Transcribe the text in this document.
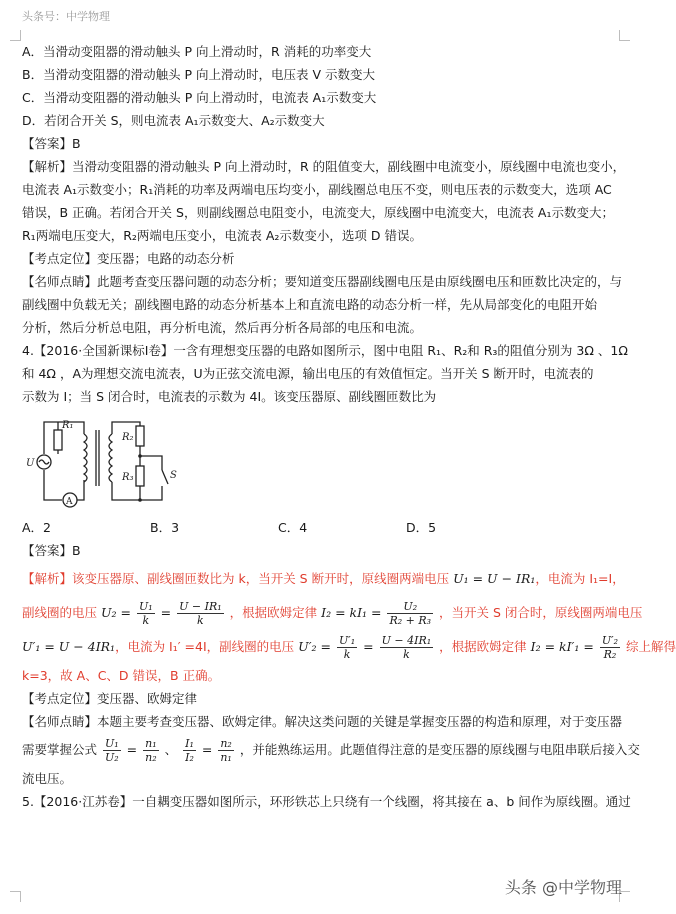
头条号：中学物理
A．当滑动变阻器的滑动触头 P 向上滑动时，R 消耗的功率变大
B．当滑动变阻器的滑动触头 P 向上滑动时，电压表 V 示数变大
C．当滑动变阻器的滑动触头 P 向上滑动时，电流表 A₁示数变大
D．若闭合开关 S，则电流表 A₁示数变大、A₂示数变大
【答案】B
【解析】当滑动变阻器的滑动触头 P 向上滑动时，R 的阻值变大，副线圈中电流变小，原线圈中电流也变小，
电流表 A₁示数变小；R₁消耗的功率及两端电压均变小，副线圈总电压不变，则电压表的示数变大，选项 AC
错误，B 正确。若闭合开关 S，则副线圈总电阻变小，电流变大，原线圈中电流变大，电流表 A₁示数变大；
R₁两端电压变大，R₂两端电压变小，电流表 A₂示数变小，选项 D 错误。
【考点定位】变压器；电路的动态分析
【名师点睛】此题考查变压器问题的动态分析；要知道变压器副线圈电压是由原线圈电压和匝数比决定的，与
副线圈中负载无关；副线圈电路的动态分析基本上和直流电路的动态分析一样，先从局部变化的电阻开始
分析，然后分析总电阻，再分析电流，然后再分析各局部的电压和电流。
4.【2016·全国新课标Ⅰ卷】一含有理想变压器的电路如图所示，图中电阻 R₁、R₂和 R₃的阻值分别为 3Ω 、1Ω
和 4Ω ，A为理想交流电流表，U为正弦交流电源，输出电压的有效值恒定。当开关 S 断开时，电流表的
示数为 I；当 S 闭合时，电流表的示数为 4I。该变压器原、副线圈匝数比为
R₁
R₂
R₃
U
S
A
A．2	B．3	C．4	D．5
【答案】B
【解析】该变压器原、副线圈匝数比为 k，当开关 S 断开时，原线圈两端电压 U₁ = U − IR₁，电流为 I₁=I，
副线圈的电压 $U_2 = \frac{\text{U₁}}{k} = \frac{\text{U − IR₁}}{k}$ ，根据欧姆定律 $I_2 = kI_1 = \frac{\text{U₂}}{\text{R₂ + R₃}}$ ，当开关 S 闭合时，原线圈两端电压
U′₁ = U − 4IR₁，电流为 I₁′ =4I，副线圈的电压 $U'_2 = \frac{\text{U′₁}}{k} = \frac{\text{U − 4IR₁}}{k}$ ，根据欧姆定律 $I_2 = kI'_1 = \frac{\text{U′₂}}{\text{R₂}}$ 综上解得
k=3，故 A、C、D 错误，B 正确。
【考点定位】变压器、欧姆定律
【名师点睛】本题主要考查变压器、欧姆定律。解决这类问题的关键是掌握变压器的构造和原理，对于变压器
需要掌握公式 $\frac{\text{U₁}}{\text{U₂}} = \frac{\text{n₁}}{\text{n₂}}$ 、 $\frac{\text{I₁}}{\text{I₂}} = \frac{\text{n₂}}{\text{n₁}}$ ，并能熟练运用。此题值得注意的是变压器的原线圈与电阻串联后接入交
流电压。
5.【2016·江苏卷】一自耦变压器如图所示，环形铁芯上只绕有一个线圈，将其接在 a、b 间作为原线圈。通过
头条 @中学物理
